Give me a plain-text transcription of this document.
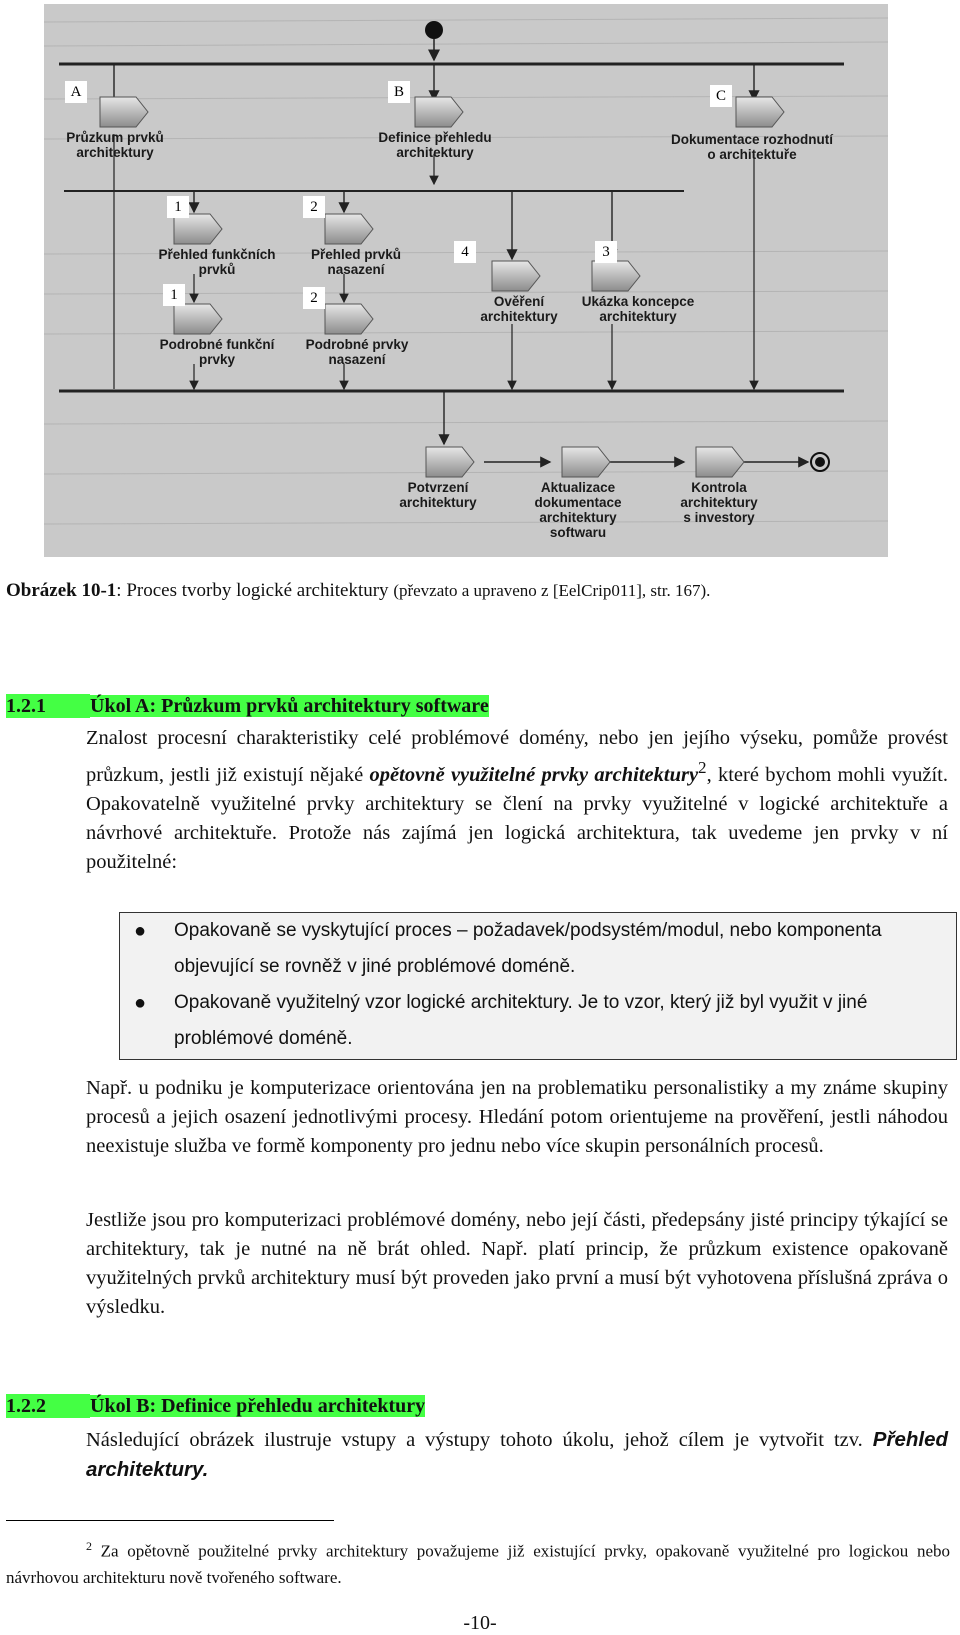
A	B	C
1	2
4	3
1	2
Průzkum prvků
architektury
Definice přehledu
architektury
Dokumentace rozhodnutí
o architektuře
Přehled funkčních
prvků
Přehled prvků
nasazení
Ověření
architektury
Ukázka koncepce
architektury
Podrobné funkční
prvky
Podrobné prvky
nasazení
Potvrzení
architektury
Aktualizace
dokumentace
architektury
softwaru
Kontrola
architektury
s investory
Obrázek 10-1: Proces tvorby logické architektury (převzato a upraveno z [EelCrip011], str. 167).
1.2.1 Úkol A: Průzkum prvků architektury software
Znalost procesní charakteristiky celé problémové domény, nebo jen jejího výseku, pomůže provést průzkum, jestli již existují nějaké opětovně využitelné prvky architektury$^2$, které bychom mohli využít. Opakovatelně využitelné prvky architektury se člení na prvky využitelné v logické architektuře a návrhové architektuře. Protože nás zajímá jen logická architektura, tak uvedeme jen prvky v ní použitelné:
● Opakovaně se vyskytující proces – požadavek/podsystém/modul, nebo komponenta objevující se rovněž v jiné problémové doméně.
● Opakovaně využitelný vzor logické architektury. Je to vzor, který již byl využit v jiné problémové doméně.
Např. u podniku je komputerizace orientována jen na problematiku personalistiky a my známe skupiny procesů a jejich osazení jednotlivými procesy. Hledání potom orientujeme na prověření, jestli náhodou neexistuje služba ve formě komponenty pro jednu nebo více skupin personálních procesů.
Jestliže jsou pro komputerizaci problémové domény, nebo její části, předepsány jisté principy týkající se architektury, tak je nutné na ně brát ohled. Např. platí princip, že průzkum existence opakovaně využitelných prvků architektury musí být proveden jako první a musí být vyhotovena příslušná zpráva o výsledku.
1.2.2 Úkol B: Definice přehledu architektury
Následující obrázek ilustruje vstupy a výstupy tohoto úkolu, jehož cílem je vytvořit tzv. Přehled architektury.
$^2$ Za opětovně použitelné prvky architektury považujeme již existující prvky, opakovaně využitelné pro logickou nebo návrhovou architekturu nově tvořeného software.
-10-
